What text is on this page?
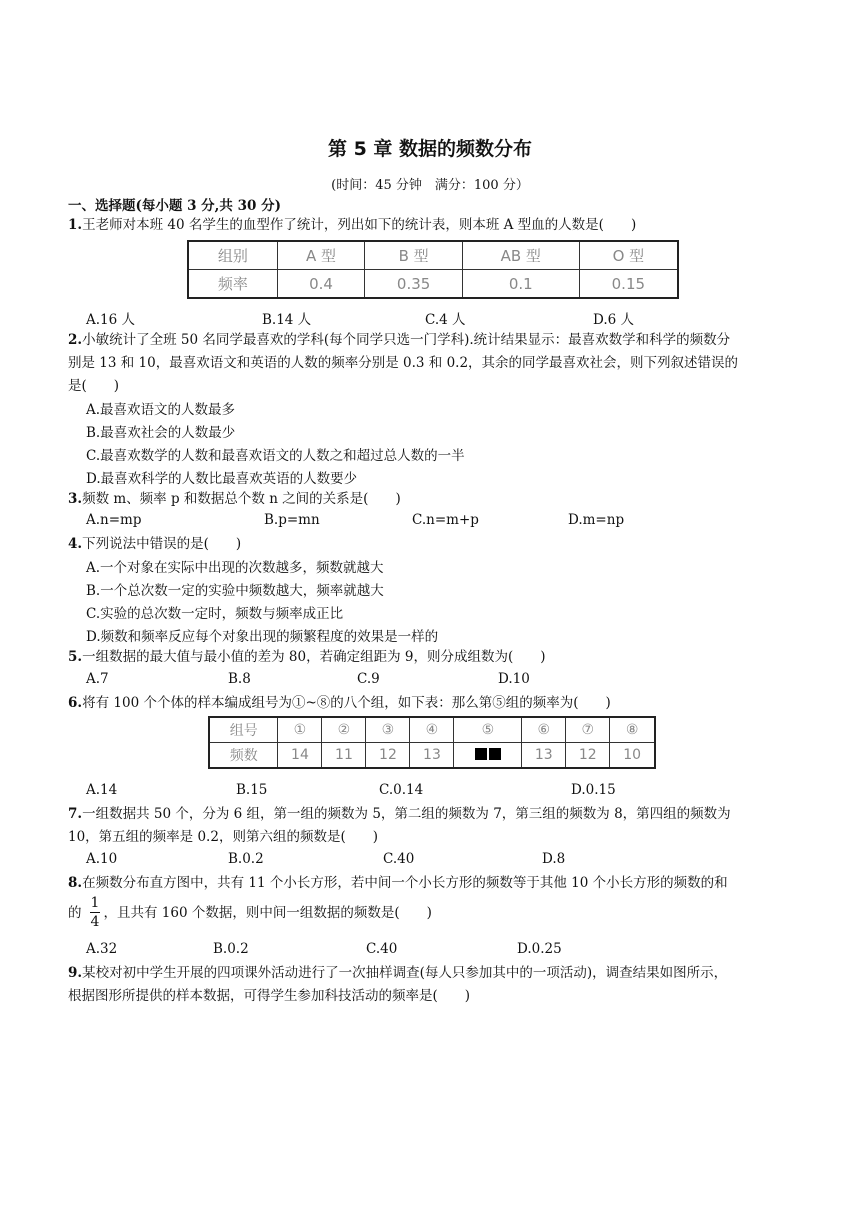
第 5 章 数据的频数分布
(时间：45 分钟　满分：100 分）
一、选择题(每小题 3 分,共 30 分)
1.王老师对本班 40 名学生的血型作了统计，列出如下的统计表，则本班 A 型血的人数是(　　)
组别	A 型	B 型	AB 型	O 型
频率	0.4	0.35	0.1	0.15
A.16 人	B.14 人	C.4 人	D.6 人
2.小敏统计了全班 50 名同学最喜欢的学科(每个同学只选一门学科).统计结果显示：最喜欢数学和科学的频数分
别是 13 和 10，最喜欢语文和英语的人数的频率分别是 0.3 和 0.2，其余的同学最喜欢社会，则下列叙述错误的
是(　　)
A.最喜欢语文的人数最多
B.最喜欢社会的人数最少
C.最喜欢数学的人数和最喜欢语文的人数之和超过总人数的一半
D.最喜欢科学的人数比最喜欢英语的人数要少
3.频数 m、频率 p 和数据总个数 n 之间的关系是(　　)
A.n=mp	B.p=mn	C.n=m+p	D.m=np
4.下列说法中错误的是(　　)
A.一个对象在实际中出现的次数越多，频数就越大
B.一个总次数一定的实验中频数越大，频率就越大
C.实验的总次数一定时，频数与频率成正比
D.频数和频率反应每个对象出现的频繁程度的效果是一样的
5.一组数据的最大值与最小值的差为 80，若确定组距为 9，则分成组数为(　　)
A.7	B.8	C.9	D.10
6.将有 100 个个体的样本编成组号为①~⑧的八个组，如下表：那么第⑤组的频率为(　　)
组号	①	②	③	④	⑤	⑥	⑦	⑧
频数	14	11	12	13		13	12	10
A.14	B.15	C.0.14	D.0.15
7.一组数据共 50 个，分为 6 组，第一组的频数为 5，第二组的频数为 7，第三组的频数为 8，第四组的频数为
10，第五组的频率是 0.2，则第六组的频数是(　　)
A.10	B.0.2	C.40	D.8
8.在频数分布直方图中，共有 11 个小长方形，若中间一个小长方形的频数等于其他 10 个小长方形的频数的和
的 ，且共有 160 个数据，则中间一组数据的频数是(　　)
1
4
A.32	B.0.2	C.40	D.0.25
9.某校对初中学生开展的四项课外活动进行了一次抽样调查(每人只参加其中的一项活动)，调查结果如图所示，
根据图形所提供的样本数据，可得学生参加科技活动的频率是(　　)
